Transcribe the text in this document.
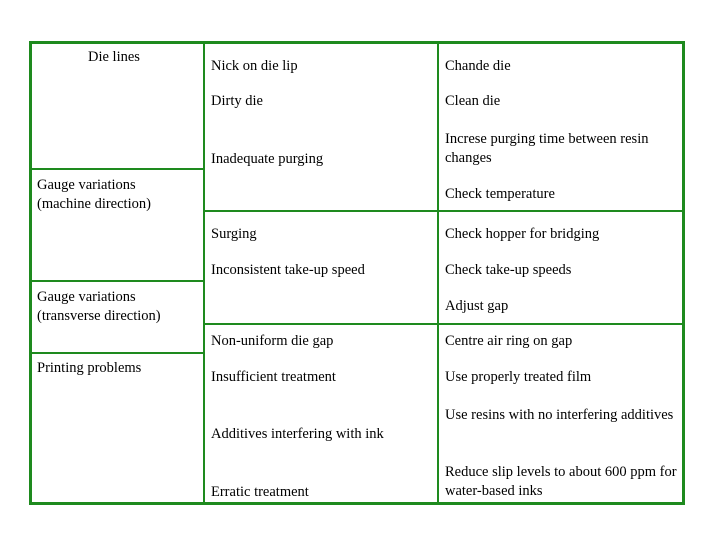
Die lines
Gauge variations
(machine direction)
Gauge variations
(transverse direction)
Printing problems
Nick on die lip
Dirty die
Inadequate purging
Surging
Inconsistent take-up speed
Non-uniform die gap
Insufficient treatment
Additives interfering with ink
Erratic treatment
Chande die
Clean die
Increse purging time between resin changes
Check temperature
Check hopper for bridging
Check take-up speeds
Adjust gap
Centre air ring on gap
Use properly treated film
Use resins with no interfering additives
Reduce slip levels to about 600 ppm for water-based inks
